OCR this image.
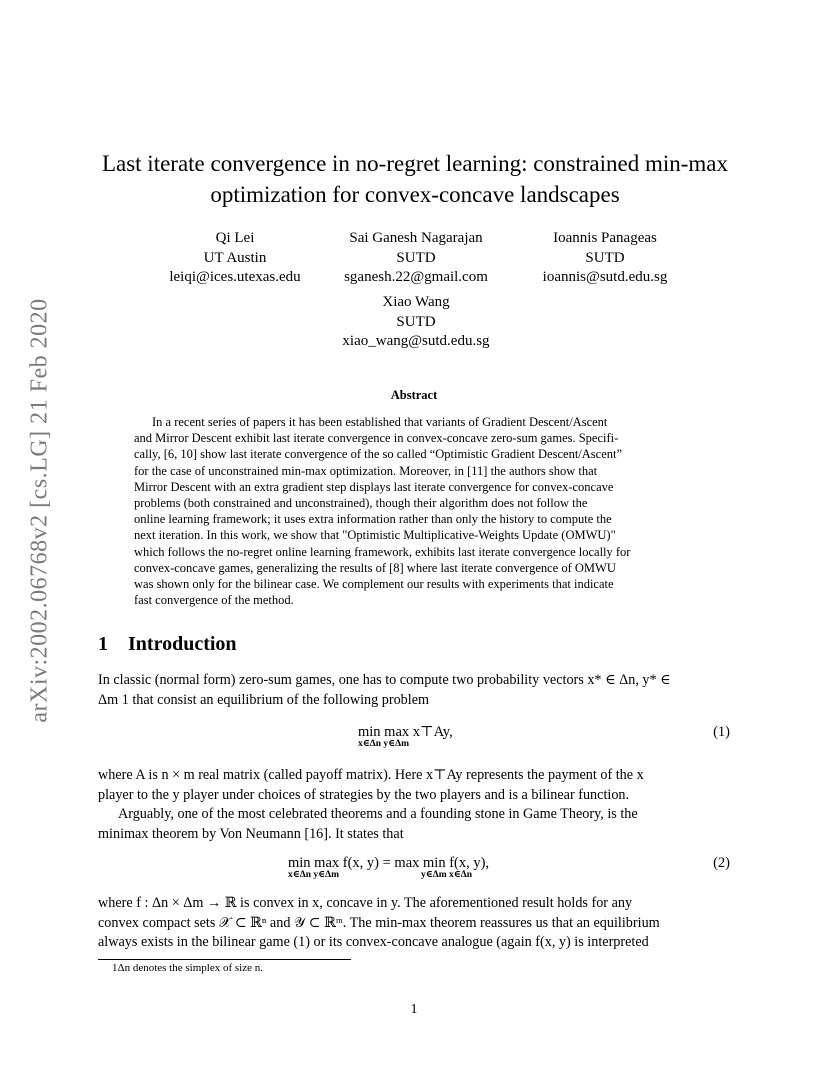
arXiv:2002.06768v2 [cs.LG] 21 Feb 2020
Last iterate convergence in no-regret learning: constrained min-max
optimization for convex-concave landscapes
Qi Lei
UT Austin
leiqi@ices.utexas.edu
Sai Ganesh Nagarajan
SUTD
sganesh.22@gmail.com
Ioannis Panageas
SUTD
ioannis@sutd.edu.sg
Xiao Wang
SUTD
xiao_wang@sutd.edu.sg
Abstract
In a recent series of papers it has been established that variants of Gradient Descent/Ascent
and Mirror Descent exhibit last iterate convergence in convex-concave zero-sum games. Specifi-
cally, [6, 10] show last iterate convergence of the so called “Optimistic Gradient Descent/Ascent”
for the case of unconstrained min-max optimization. Moreover, in [11] the authors show that
Mirror Descent with an extra gradient step displays last iterate convergence for convex-concave
problems (both constrained and unconstrained), though their algorithm does not follow the
online learning framework; it uses extra information rather than only the history to compute the
next iteration. In this work, we show that "Optimistic Multiplicative-Weights Update (OMWU)"
which follows the no-regret online learning framework, exhibits last iterate convergence locally for
convex-concave games, generalizing the results of [8] where last iterate convergence of OMWU
was shown only for the bilinear case. We complement our results with experiments that indicate
fast convergence of the method.
1 Introduction
In classic (normal form) zero-sum games, one has to compute two probability vectors x* ∈ Δn, y* ∈
Δm 1 that consist an equilibrium of the following problem
min max x⊤Ay,
x∈Δn y∈Δm
(1)
where A is n × m real matrix (called payoff matrix). Here x⊤Ay represents the payment of the x
player to the y player under choices of strategies by the two players and is a bilinear function.
Arguably, one of the most celebrated theorems and a founding stone in Game Theory, is the
minimax theorem by Von Neumann [16]. It states that
min max f(x, y) = max min f(x, y),
x∈Δn y∈Δm	y∈Δm x∈Δn
(2)
where f : Δn × Δm → ℝ is convex in x, concave in y. The aforementioned result holds for any
convex compact sets 𝒳 ⊂ ℝⁿ and 𝒴 ⊂ ℝᵐ. The min-max theorem reassures us that an equilibrium
always exists in the bilinear game (1) or its convex-concave analogue (again f(x, y) is interpreted
1Δn denotes the simplex of size n.
1
